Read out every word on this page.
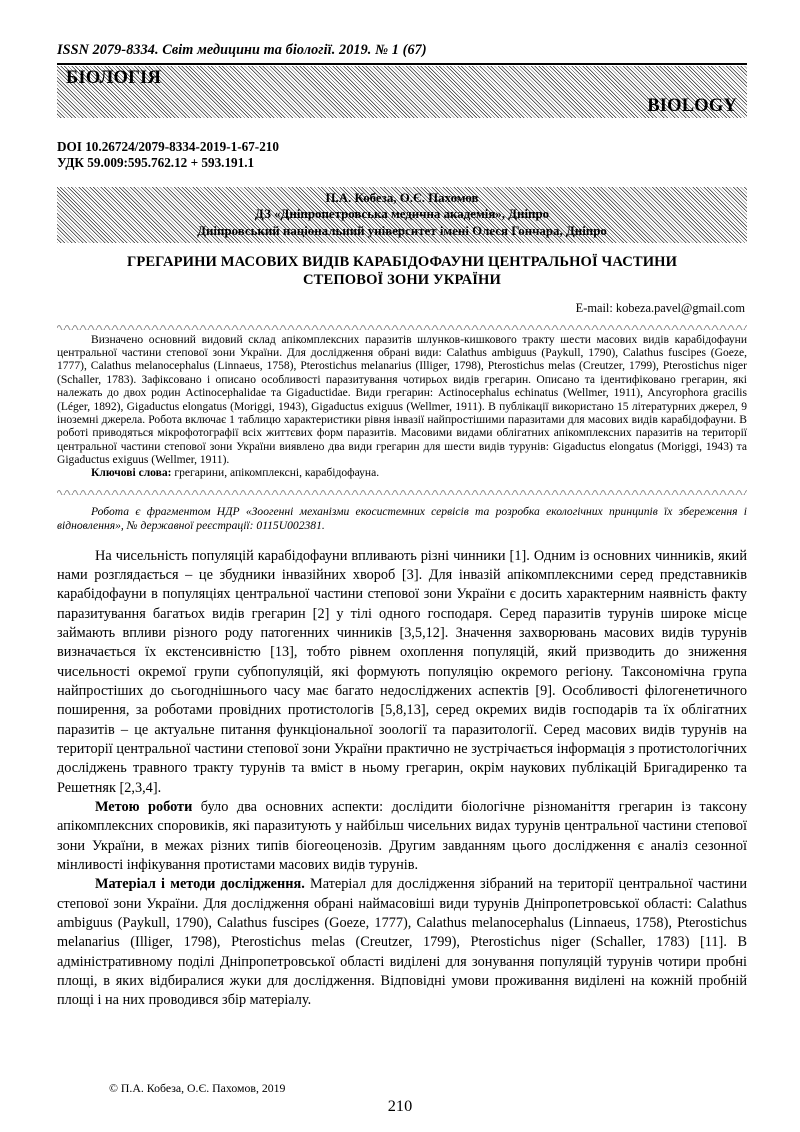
ISSN 2079-8334. Світ медицини та біології. 2019. № 1 (67)
БІОЛОГІЯ
BIOLOGY
DOI 10.26724/2079-8334-2019-1-67-210
УДК 59.009:595.762.12 + 593.191.1
П.А. Кобеза, О.Є. Пахомов
ДЗ «Дніпропетровська медична академія», Дніпро
Дніпровський національний університет імені Олеся Гончара, Дніпро
ГРЕГАРИНИ МАСОВИХ ВИДІВ КАРАБІДОФАУНИ ЦЕНТРАЛЬНОЇ ЧАСТИНИ
СТЕПОВОЇ ЗОНИ УКРАЇНИ
E-mail: kobeza.pavel@gmail.com
Визначено основний видовий склад апікомплексних паразитів шлунков-кишкового тракту шести масових видів карабідофауни центральної частини степової зони України. Для дослідження обрані види: Calathus ambiguus (Paykull, 1790), Calathus fuscipes (Goeze, 1777), Calathus melanocephalus (Linnaeus, 1758), Pterostichus melanarius (Illiger, 1798), Pterostichus melas (Creutzer, 1799), Pterostichus niger (Schaller, 1783). Зафіксовано і описано особливості паразитування чотирьох видів грегарин. Описано та ідентифіковано грегарин, які належать до двох родин Actinocephalidae та Gigaductidae. Види грегарин: Actinocephalus echinatus (Wellmer, 1911), Ancyrophora gracilis (Léger, 1892), Gigaductus elongatus (Moriggi, 1943), Gigaductus exiguus (Wellmer, 1911). В публікації використано 15 літературних джерел, 9 іноземні джерела. Робота включає 1 таблицю характеристики рівня інвазії найпростішими паразитами для масових видів карабідофауни. В роботі приводяться мікрофотографії всіх життєвих форм паразитів. Масовими видами облігатних апікомплексних паразитів на території центральної частини степової зони України виявлено два види грегарин для шести видів турунів: Gigaductus elongatus (Moriggi, 1943) та Gigaductus exiguus (Wellmer, 1911).
Ключові слова: грегарини, апікомплексні, карабідофауна.
Робота є фрагментом НДР «Зоогенні механізми екосистемних сервісів та розробка екологічних принципів їх збереження і відновлення», № державної реєстрації: 0115U002381.

На чисельність популяцій карабідофауни впливають різні чинники [1]. Одним із основних чинників, який нами розглядається – це збудники інвазійних хвороб [3]. Для інвазій апікомплексними серед представників карабідофауни в популяціях центральної частини степової зони України є досить характерним наявність факту паразитування багатьох видів грегарин [2] у тілі одного господаря. Серед паразитів турунів широке місце займають впливи різного роду патогенних чинників [3,5,12]. Значення захворювань масових видів турунів визначається їх екстенсивністю [13], тобто рівнем охоплення популяцій, який призводить до зниження чисельності окремої групи субпопуляцій, які формують популяцію окремого регіону. Таксономічна група найпростіших до сьогоднішнього часу має багато недосліджених аспектів [9]. Особливості філогенетичного поширення, за роботами провідних протистологів [5,8,13], серед окремих видів господарів та їх облігатних паразитів – це актуальне питання функціональної зоології та паразитології. Серед масових видів турунів на території центральної частини степової зони України практично не зустрічається інформація з протистологічних досліджень травного тракту турунів та вміст в ньому грегарин, окрім наукових публікацій Бригадиренко та Решетняк [2,3,4].

Метою роботи було два основних аспекти: дослідити біологічне різноманіття грегарин із таксону апікомплексних споровиків, які паразитують у найбільш чисельних видах турунів центральної частини степової зони України, в межах різних типів біогеоценозів. Другим завданням цього дослідження є аналіз сезонної мінливості інфікування протистами масових видів турунів.

Матеріал і методи дослідження. Матеріал для дослідження зібраний на території центральної частини степової зони України. Для дослідження обрані наймасовіші види турунів Дніпропетровської області: Calathus ambiguus (Paykull, 1790), Calathus fuscipes (Goeze, 1777), Calathus melanocephalus (Linnaeus, 1758), Pterostichus melanarius (Illiger, 1798), Pterostichus melas (Creutzer, 1799), Pterostichus niger (Schaller, 1783) [11]. В адміністративному поділі Дніпропетровської області виділені для зонування популяцій турунів чотири пробні площі, в яких відбиралися жуки для дослідження. Відповідні умови проживання виділені на кожній пробній площі і на них проводився збір матеріалу.

© П.А. Кобеза, О.Є. Пахомов, 2019
210
